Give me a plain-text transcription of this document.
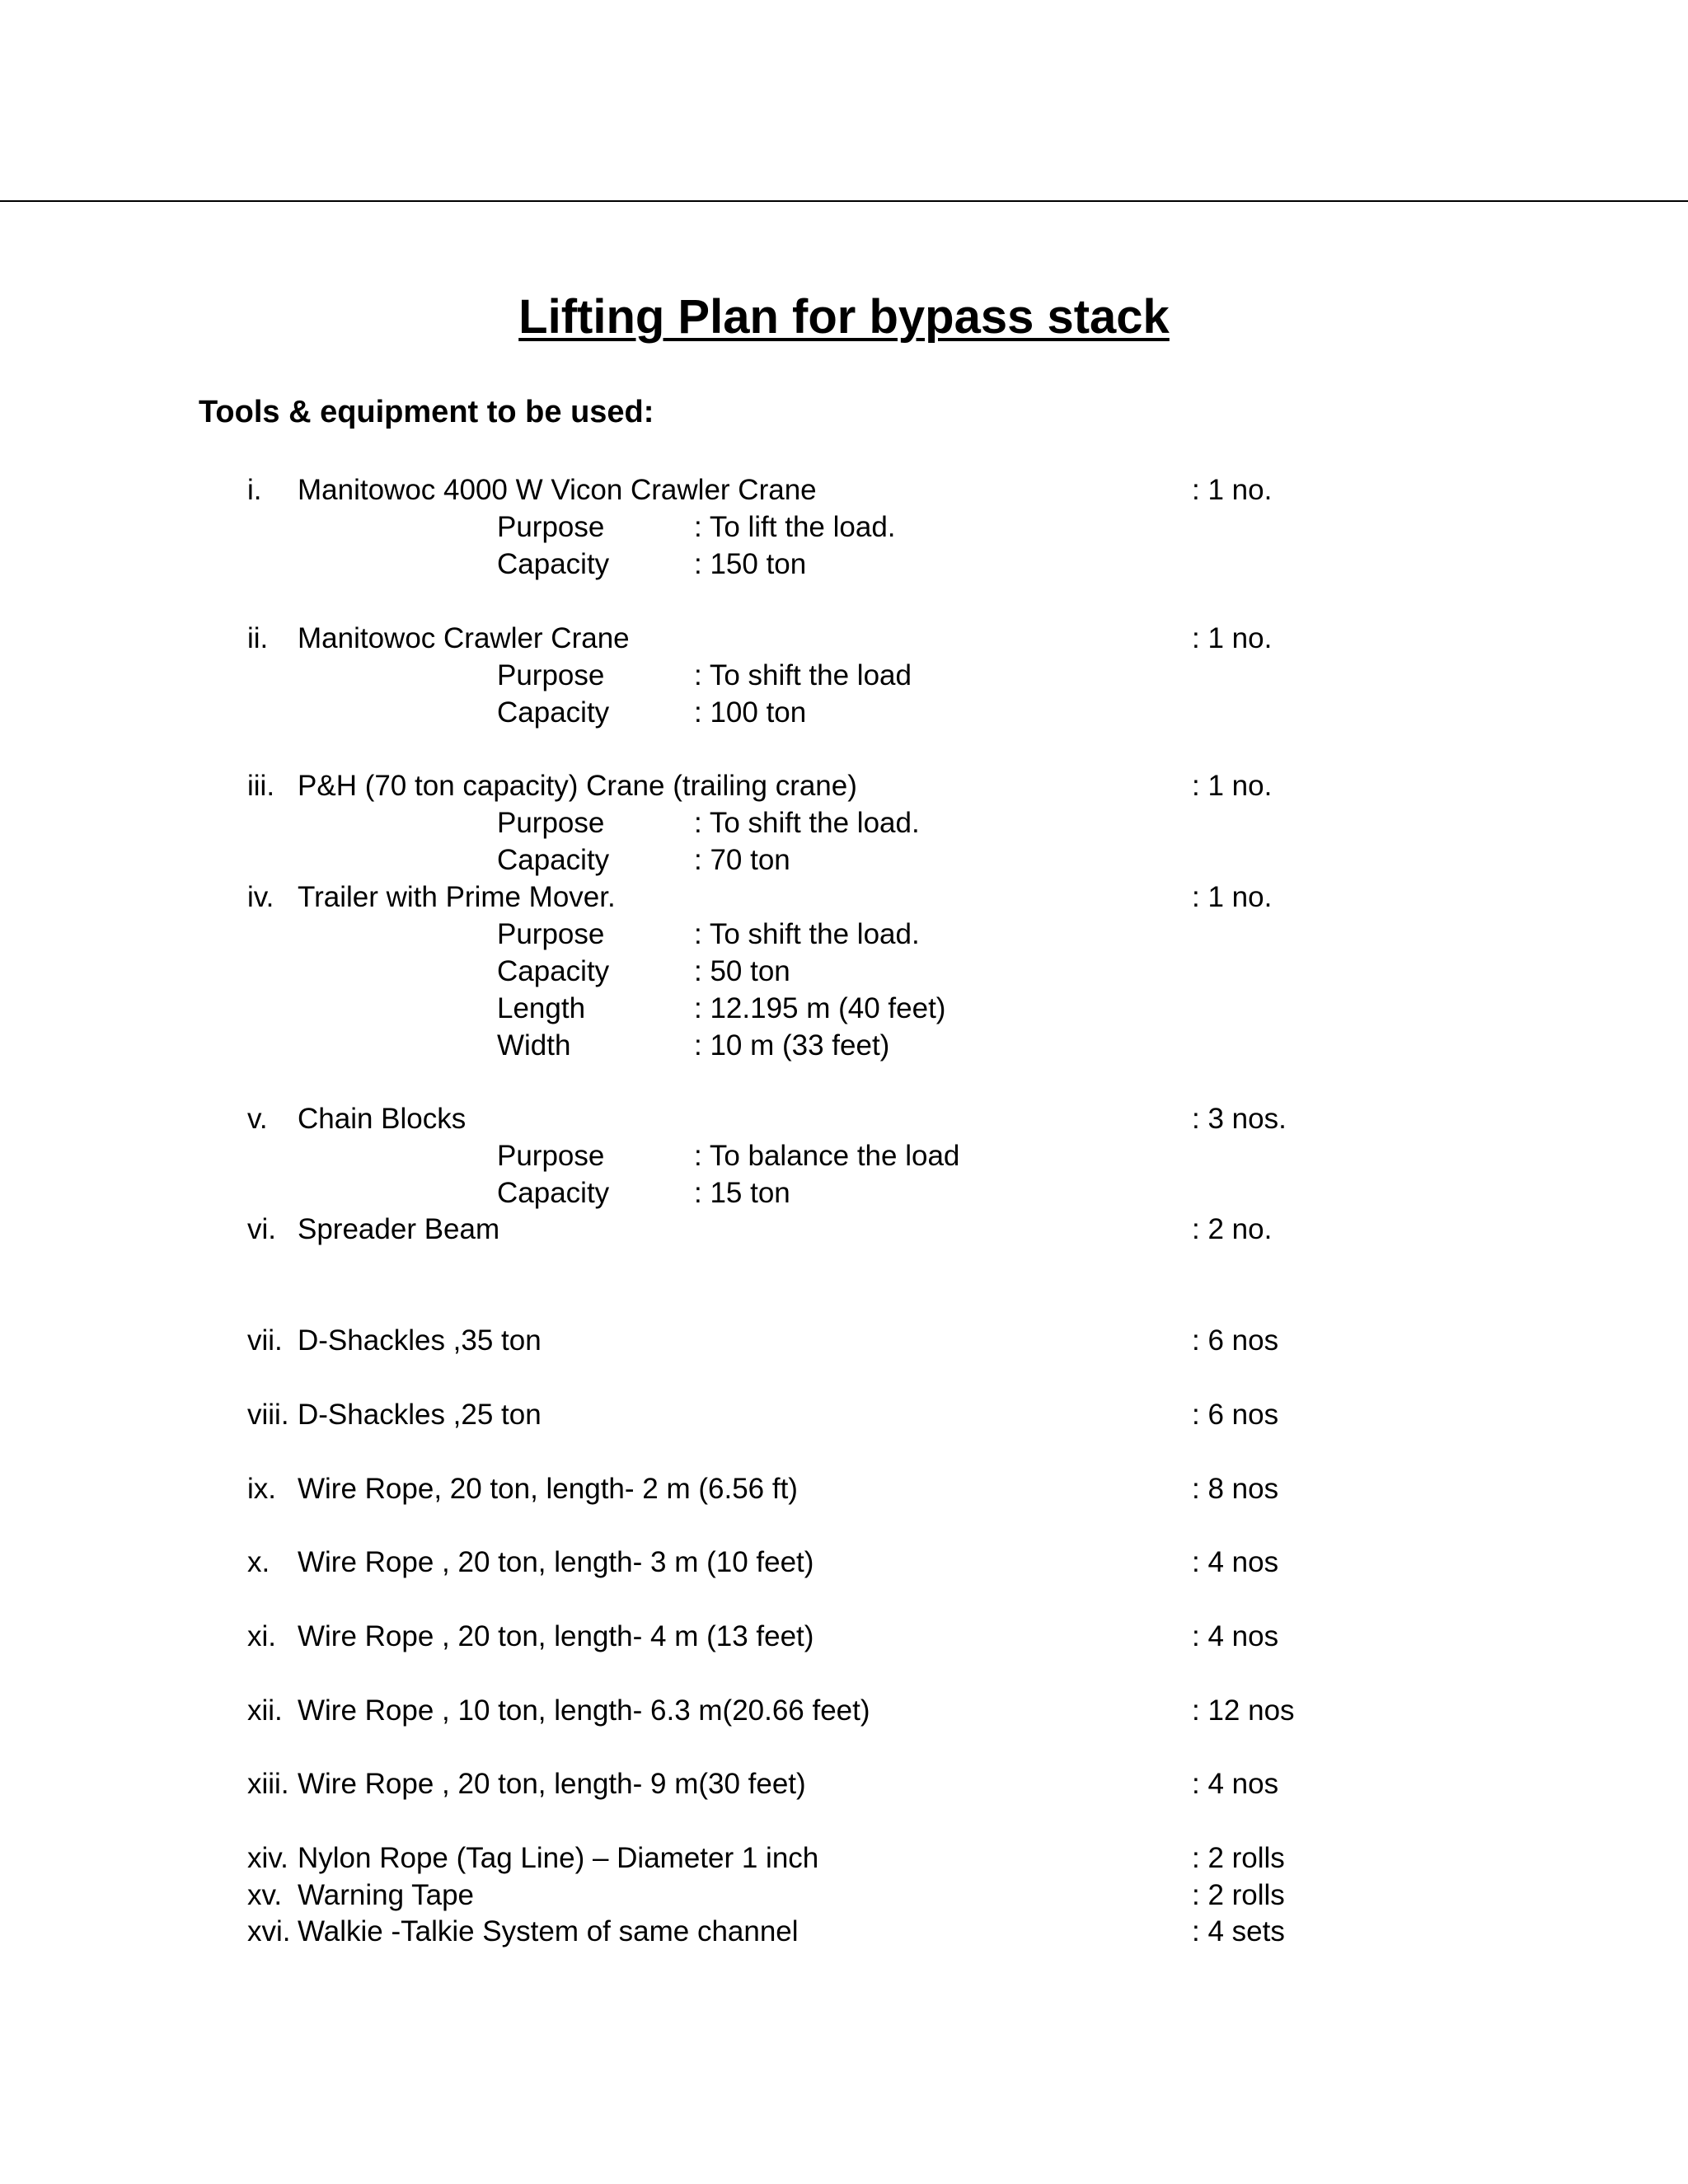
Lifting Plan for bypass stack
Tools & equipment to be used:
i. Manitowoc 4000 W Vicon Crawler Crane	: 1 no.
Purpose	: To lift the load.
Capacity	: 150 ton
ii. Manitowoc Crawler Crane	: 1 no.
Purpose	: To shift the load
Capacity	: 100 ton
iii. P&H (70 ton capacity) Crane (trailing crane)	: 1 no.
Purpose	: To shift the load.
Capacity	: 70 ton
iv. Trailer with Prime Mover.	: 1 no.
Purpose	: To shift the load.
Capacity	: 50 ton
Length	: 12.195 m (40 feet)
Width	: 10 m (33 feet)
v. Chain Blocks	: 3 nos.
Purpose	: To balance the load
Capacity	: 15 ton
vi. Spreader Beam	: 2 no.
vii. D-Shackles ,35 ton	: 6 nos
viii. D-Shackles ,25 ton	: 6 nos
ix. Wire Rope, 20 ton, length- 2 m (6.56 ft)	: 8 nos
x. Wire Rope , 20 ton, length- 3 m (10 feet)	: 4 nos
xi. Wire Rope , 20 ton, length- 4 m (13 feet)	: 4 nos
xii. Wire Rope , 10 ton, length- 6.3 m(20.66 feet)	: 12 nos
xiii. Wire Rope , 20 ton, length- 9 m(30 feet)	: 4 nos
xiv. Nylon Rope (Tag Line) – Diameter 1 inch	: 2 rolls
xv. Warning Tape	: 2 rolls
xvi. Walkie -Talkie System of same channel	: 4 sets
